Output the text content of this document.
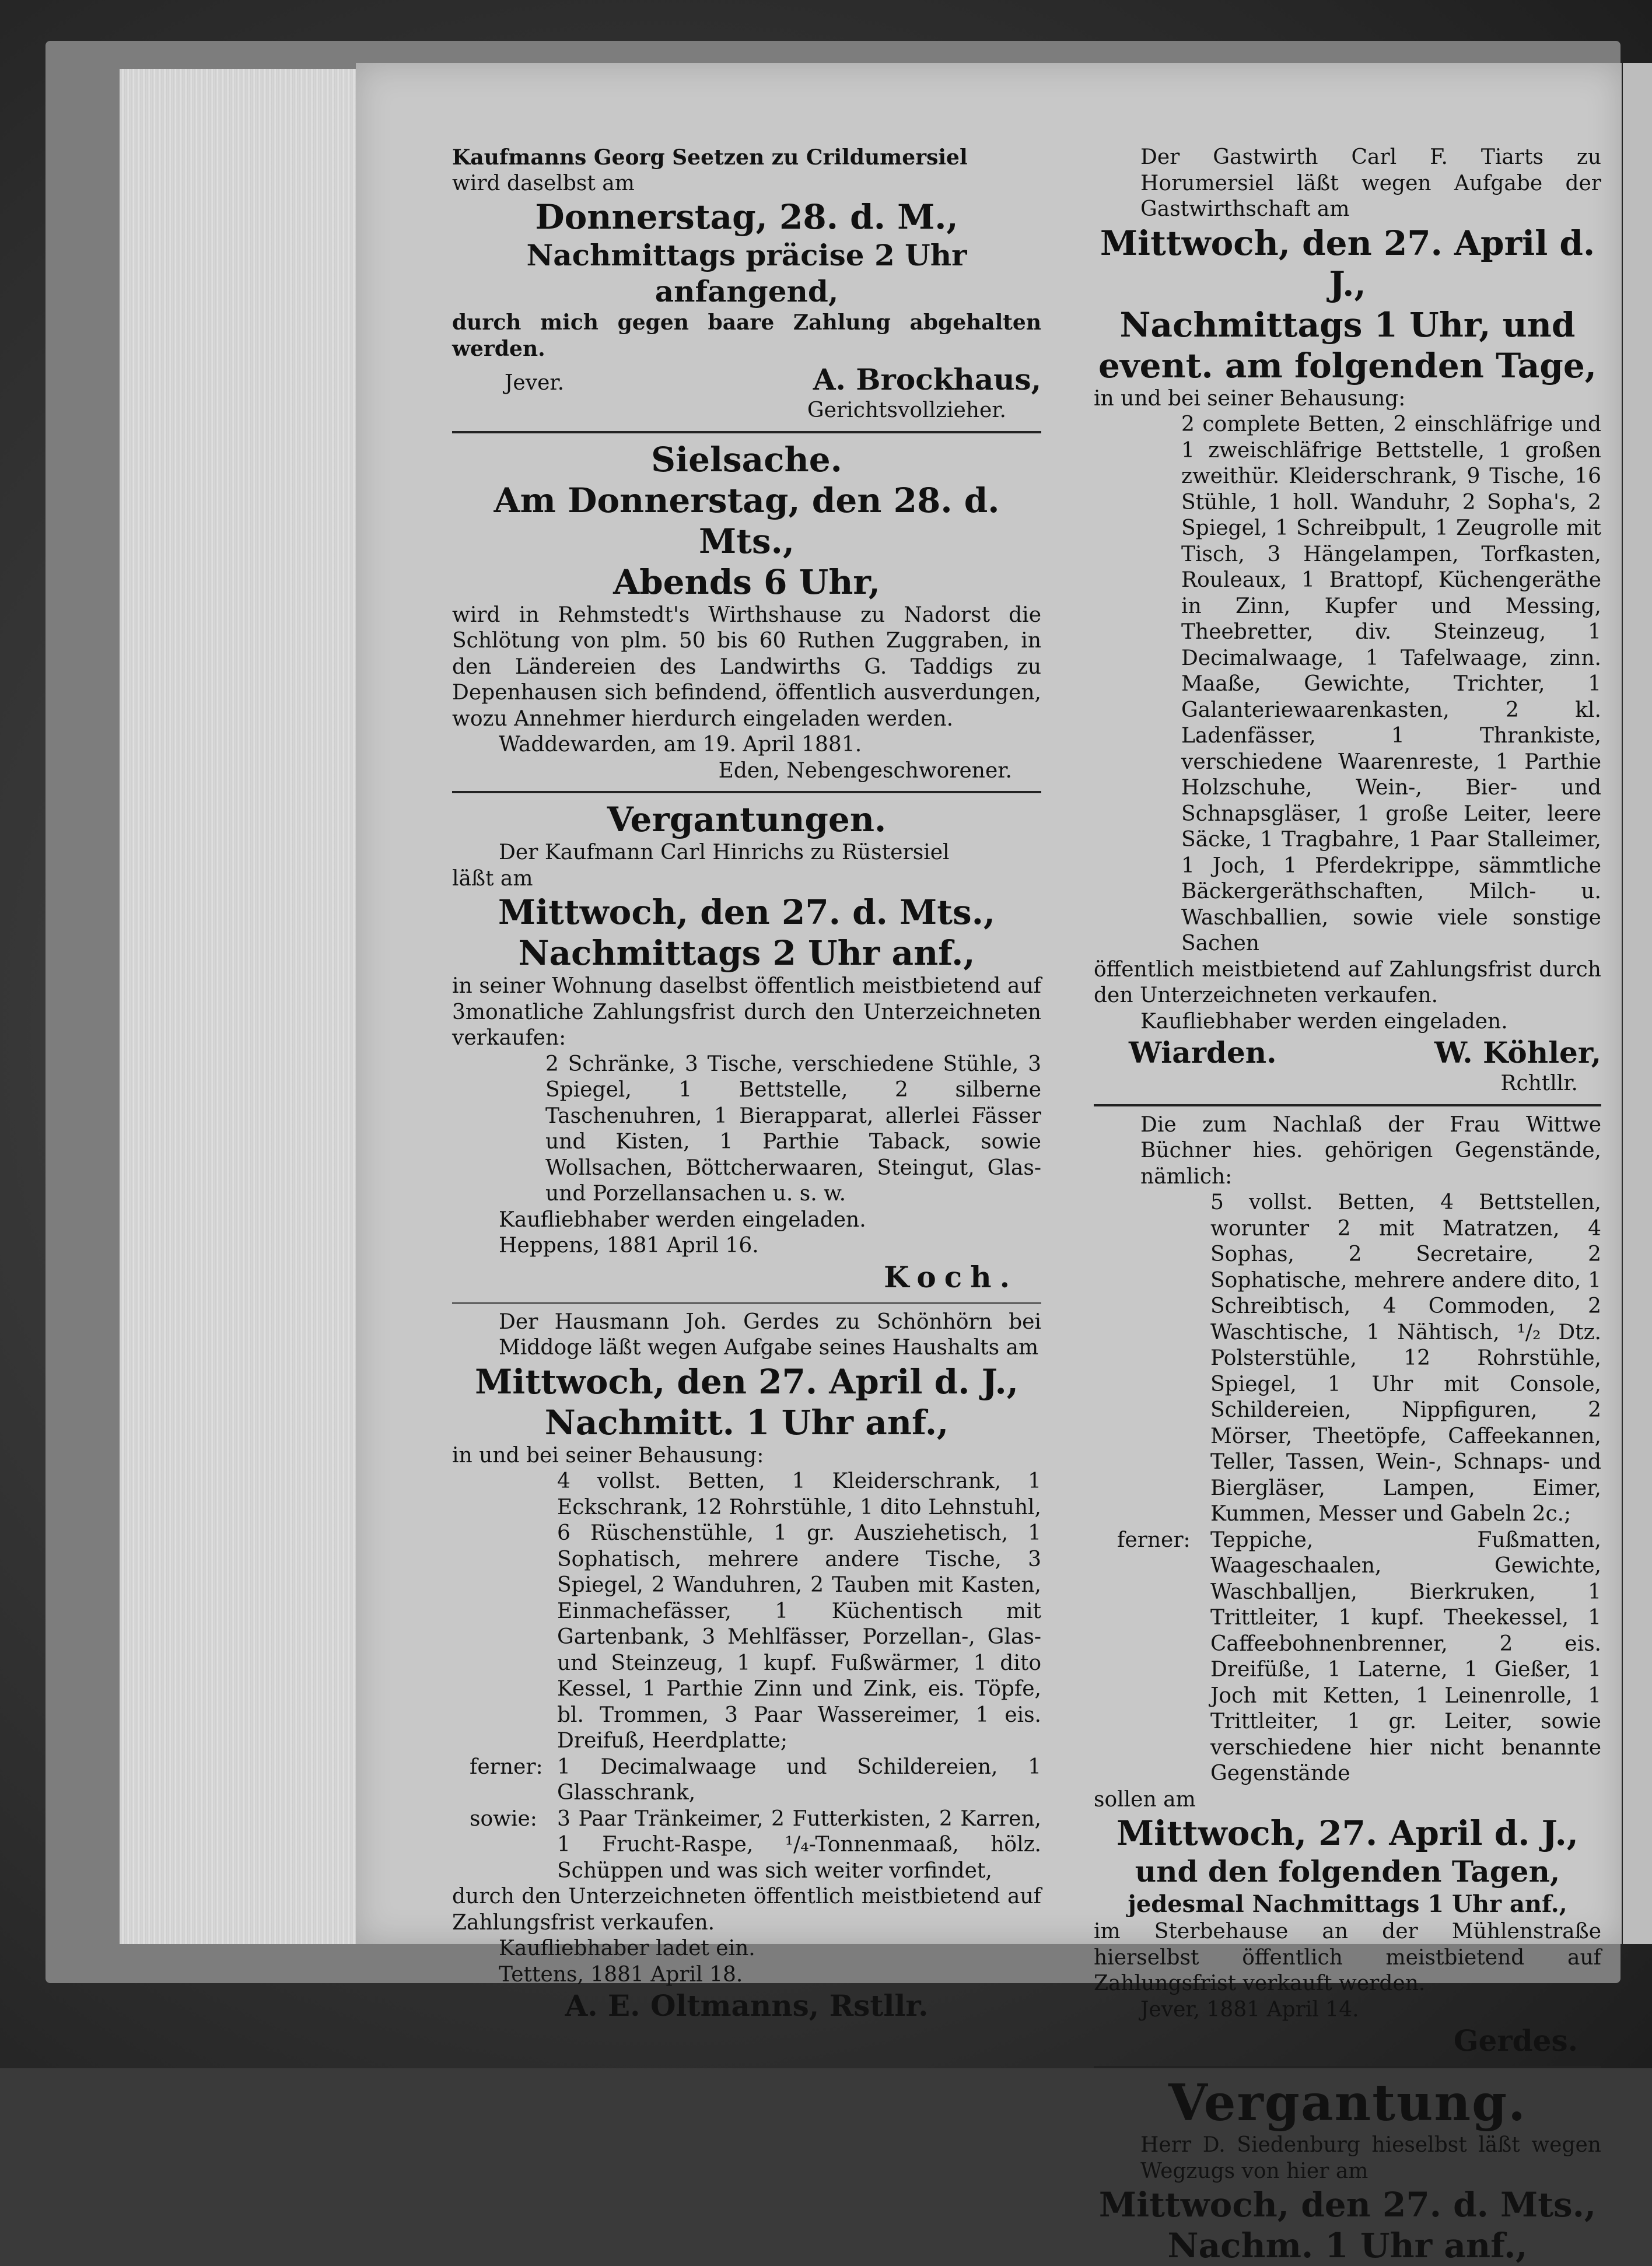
Kaufmanns Georg Seetzen zu Crildumersiel
wird daselbst am
Donnerstag, 28. d. M.,
Nachmittags präcise 2 Uhr anfangend,
durch mich gegen baare Zahlung abgehalten werden.
Jever.	A. Brockhaus,
Gerichtsvollzieher.
Sielsache.
Am Donnerstag, den 28. d. Mts.,
Abends 6 Uhr,
wird in Rehmstedt's Wirthshause zu Nadorst die Schlötung von plm. 50 bis 60 Ruthen Zuggraben, in den Ländereien des Landwirths G. Taddigs zu Depenhausen sich befindend, öffentlich ausverdungen, wozu Annehmer hierdurch eingeladen werden.
Waddewarden, am 19. April 1881.
Eden, Nebengeschworener.
Vergantungen.
Der Kaufmann Carl Hinrichs zu Rüstersiel
läßt am
Mittwoch, den 27. d. Mts.,
Nachmittags 2 Uhr anf.,
in seiner Wohnung daselbst öffentlich meistbietend auf 3monatliche Zahlungsfrist durch den Unterzeichneten verkaufen:
2 Schränke, 3 Tische, verschiedene Stühle, 3 Spiegel, 1 Bettstelle, 2 silberne Taschenuhren, 1 Bierapparat, allerlei Fässer und Kisten, 1 Parthie Taback, sowie Wollsachen, Böttcherwaaren, Steingut, Glas- und Porzellansachen u. s. w.
Kaufliebhaber werden eingeladen.
Heppens, 1881 April 16.
Koch.
Der Hausmann Joh. Gerdes zu Schönhörn bei Middoge läßt wegen Aufgabe seines Haushalts am
Mittwoch, den 27. April d. J.,
Nachmitt. 1 Uhr anf.,
in und bei seiner Behausung:
4 vollst. Betten, 1 Kleiderschrank, 1 Eckschrank, 12 Rohrstühle, 1 dito Lehnstuhl, 6 Rüschenstühle, 1 gr. Ausziehetisch, 1 Sophatisch, mehrere andere Tische, 3 Spiegel, 2 Wanduhren, 2 Tauben mit Kasten, Einmachefässer, 1 Küchentisch mit Gartenbank, 3 Mehlfässer, Porzellan-, Glas- und Steinzeug, 1 kupf. Fußwärmer, 1 dito Kessel, 1 Parthie Zinn und Zink, eis. Töpfe, bl. Trommen, 3 Paar Wassereimer, 1 eis. Dreifuß, Heerdplatte;
ferner: 1 Decimalwaage und Schildereien, 1 Glasschrank,
sowie: 3 Paar Tränkeimer, 2 Futterkisten, 2 Karren, 1 Frucht-Raspe, ¹/₄-Tonnenmaaß, hölz. Schüppen und was sich weiter vorfindet,
durch den Unterzeichneten öffentlich meistbietend auf Zahlungsfrist verkaufen.
Kaufliebhaber ladet ein.
Tettens, 1881 April 18.
A. E. Oltmanns, Rstllr.
Der Gastwirth Carl F. Tiarts zu Horumersiel läßt wegen Aufgabe der Gastwirthschaft am
Mittwoch, den 27. April d. J.,
Nachmittags 1 Uhr, und event. am folgenden Tage,
in und bei seiner Behausung:
2 complete Betten, 2 einschläfrige und 1 zweischläfrige Bettstelle, 1 großen zweithür. Kleiderschrank, 9 Tische, 16 Stühle, 1 holl. Wanduhr, 2 Sopha's, 2 Spiegel, 1 Schreibpult, 1 Zeugrolle mit Tisch, 3 Hängelampen, Torfkasten, Rouleaux, 1 Brattopf, Küchengeräthe in Zinn, Kupfer und Messing, Theebretter, div. Steinzeug, 1 Decimalwaage, 1 Tafelwaage, zinn. Maaße, Gewichte, Trichter, 1 Galanteriewaarenkasten, 2 kl. Ladenfässer, 1 Thrankiste, verschiedene Waarenreste, 1 Parthie Holzschuhe, Wein-, Bier- und Schnapsgläser, 1 große Leiter, leere Säcke, 1 Tragbahre, 1 Paar Stalleimer, 1 Joch, 1 Pferdekrippe, sämmtliche Bäckergeräthschaften, Milch- u. Waschballien, sowie viele sonstige Sachen
öffentlich meistbietend auf Zahlungsfrist durch den Unterzeichneten verkaufen.
Kaufliebhaber werden eingeladen.
Wiarden.	W. Köhler,
Rchtllr.
Die zum Nachlaß der Frau Wittwe Büchner hies. gehörigen Gegenstände, nämlich:
5 vollst. Betten, 4 Bettstellen, worunter 2 mit Matratzen, 4 Sophas, 2 Secretaire, 2 Sophatische, mehrere andere dito, 1 Schreibtisch, 4 Commoden, 2 Waschtische, 1 Nähtisch, ¹/₂ Dtz. Polsterstühle, 12 Rohrstühle, Spiegel, 1 Uhr mit Console, Schildereien, Nippfiguren, 2 Mörser, Theetöpfe, Caffeekannen, Teller, Tassen, Wein-, Schnaps- und Biergläser, Lampen, Eimer, Kummen, Messer und Gabeln 2c.;
ferner: Teppiche, Fußmatten, Waageschaalen, Gewichte, Waschballjen, Bierkruken, 1 Trittleiter, 1 kupf. Theekessel, 1 Caffeebohnenbrenner, 2 eis. Dreifüße, 1 Laterne, 1 Gießer, 1 Joch mit Ketten, 1 Leinenrolle, 1 Trittleiter, 1 gr. Leiter, sowie verschiedene hier nicht benannte Gegenstände
sollen am
Mittwoch, 27. April d. J.,
und den folgenden Tagen,
jedesmal Nachmittags 1 Uhr anf.,
im Sterbehause an der Mühlenstraße hierselbst öffentlich meistbietend auf Zahlungsfrist verkauft werden.
Jever, 1881 April 14.
Gerdes.
Vergantung.
Herr D. Siedenburg hieselbst läßt wegen Wegzugs von hier am
Mittwoch, den 27. d. Mts.,
Nachm. 1 Uhr anf.,
